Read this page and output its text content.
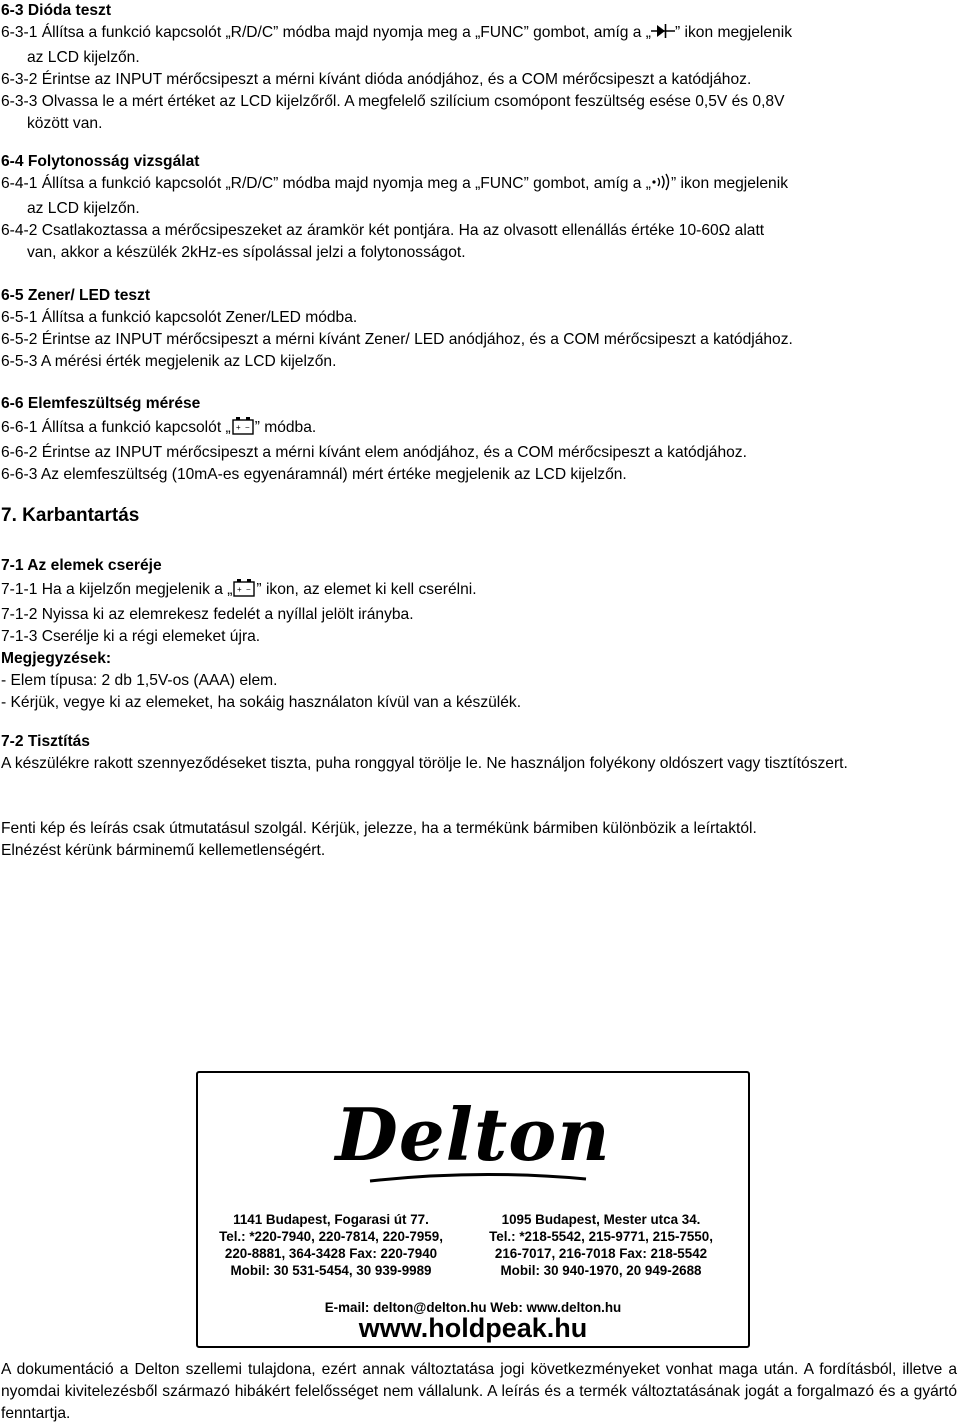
6-3 Dióda teszt
6-3-1 Állítsa a funkció kapcsolót „R/D/C” módba majd nyomja meg a „FUNC” gombot, amíg a „ ” ikon megjelenik
az LCD kijelzőn.
6-3-2 Érintse az INPUT mérőcsipeszt a mérni kívánt dióda anódjához, és a COM mérőcsipeszt a katódjához.
6-3-3 Olvassa le a mért értéket az LCD kijelzőről. A megfelelő szilícium csomópont feszültség esése 0,5V és 0,8V
között van.
6-4 Folytonosság vizsgálat
6-4-1 Állítsa a funkció kapcsolót „R/D/C” módba majd nyomja meg a „FUNC” gombot, amíg a „ ” ikon megjelenik
az LCD kijelzőn.
6-4-2 Csatlakoztassa a mérőcsipeszeket az áramkör két pontjára. Ha az olvasott ellenállás értéke 10-60Ω alatt
van, akkor a készülék 2kHz-es sípolással jelzi a folytonosságot.
6-5 Zener/ LED teszt
6-5-1 Állítsa a funkció kapcsolót Zener/LED módba.
6-5-2 Érintse az INPUT mérőcsipeszt a mérni kívánt Zener/ LED anódjához, és a COM mérőcsipeszt a katódjához.
6-5-3 A mérési érték megjelenik az LCD kijelzőn.
6-6 Elemfeszültség mérése
6-6-1 Állítsa a funkció kapcsolót „ + − ” módba.
6-6-2 Érintse az INPUT mérőcsipeszt a mérni kívánt elem anódjához, és a COM mérőcsipeszt a katódjához.
6-6-3 Az elemfeszültség (10mA-es egyenáramnál) mért értéke megjelenik az LCD kijelzőn.
7. Karbantartás
7-1 Az elemek cseréje
7-1-1 Ha a kijelzőn megjelenik a „ + − ” ikon, az elemet ki kell cserélni.
7-1-2 Nyissa ki az elemrekesz fedelét a nyíllal jelölt irányba.
7-1-3 Cserélje ki a régi elemeket újra.
Megjegyzések:
- Elem típusa: 2 db 1,5V-os (AAA) elem.
- Kérjük, vegye ki az elemeket, ha sokáig használaton kívül van a készülék.
7-2 Tisztítás
A készülékre rakott szennyeződéseket tiszta, puha ronggyal törölje le. Ne használjon folyékony oldószert vagy tisztítószert.
Fenti kép és leírás csak útmutatásul szolgál. Kérjük, jelezze, ha a termékünk bármiben különbözik a leírtaktól.
Elnézést kérünk bárminemű kellemetlenségért.
Delton
1141 Budapest, Fogarasi út 77.
Tel.: *220-7940, 220-7814, 220-7959,
220-8881, 364-3428 Fax: 220-7940
Mobil: 30 531-5454, 30 939-9989
1095 Budapest, Mester utca 34.
Tel.: *218-5542, 215-9771, 215-7550,
216-7017, 216-7018 Fax: 218-5542
Mobil: 30 940-1970, 20 949-2688
E-mail: delton@delton.hu Web: www.delton.hu
www.holdpeak.hu
A dokumentáció a Delton szellemi tulajdona, ezért annak változtatása jogi következményeket vonhat maga után. A fordításból, illetve a nyomdai kivitelezésből származó hibákért felelősséget nem vállalunk. A leírás és a termék változtatásának jogát a forgalmazó és a gyártó fenntartja.
